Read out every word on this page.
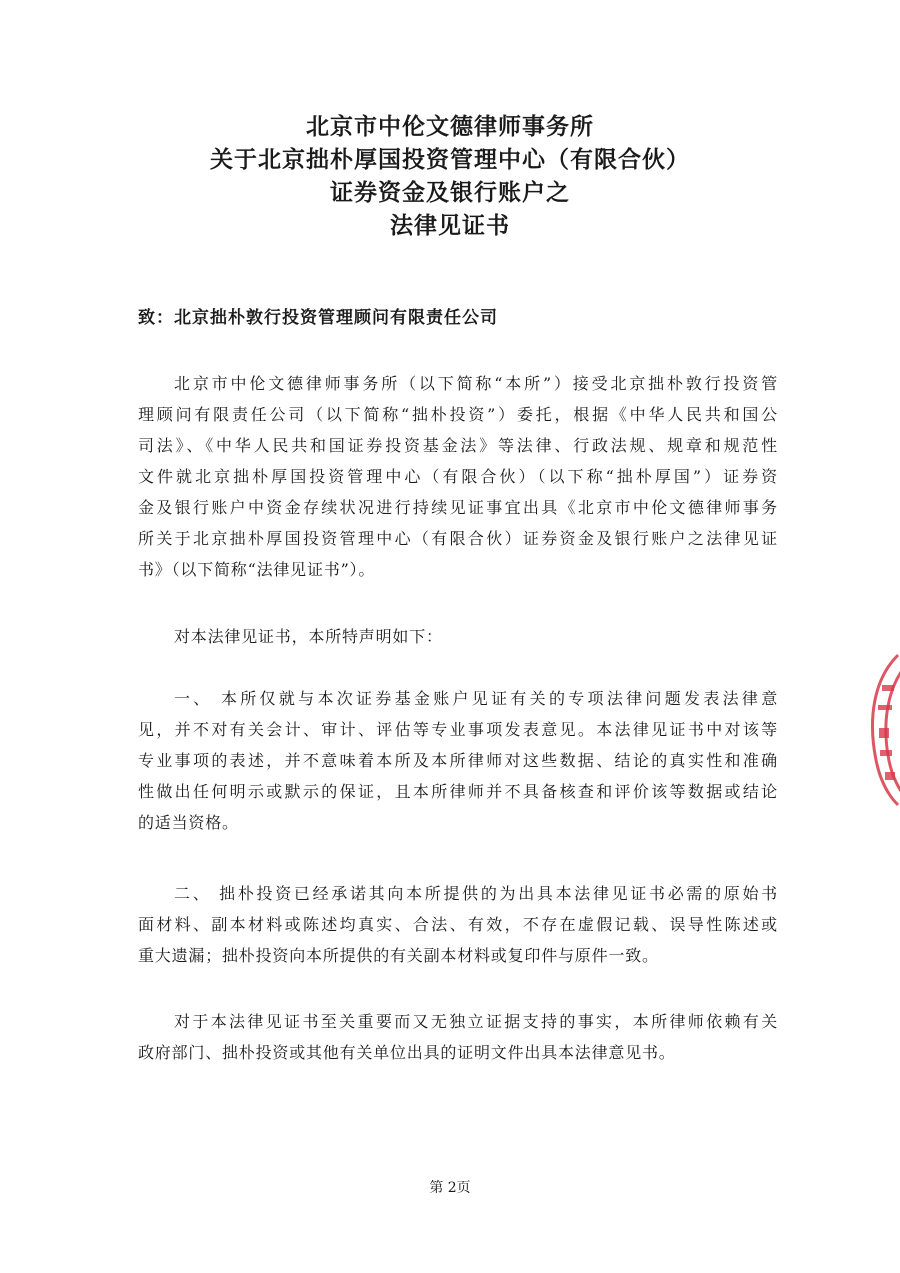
北京市中伦文德律师事务所
关于北京拙朴厚国投资管理中心（有限合伙）
证券资金及银行账户之
法律见证书
致：北京拙朴敦行投资管理顾问有限责任公司
北京市中伦文德律师事务所（以下简称“本所”）接受北京拙朴敦行投资管
理顾问有限责任公司（以下简称“拙朴投资”）委托，根据《中华人民共和国公
司法》、《中华人民共和国证券投资基金法》等法律、行政法规、规章和规范性
文件就北京拙朴厚国投资管理中心（有限合伙）（以下称“拙朴厚国”）证券资
金及银行账户中资金存续状况进行持续见证事宜出具《北京市中伦文德律师事务
所关于北京拙朴厚国投资管理中心（有限合伙）证券资金及银行账户之法律见证
书》（以下简称“法律见证书”）。
对本法律见证书，本所特声明如下：
一、 本所仅就与本次证券基金账户见证有关的专项法律问题发表法律意
见，并不对有关会计、审计、评估等专业事项发表意见。本法律见证书中对该等
专业事项的表述，并不意味着本所及本所律师对这些数据、结论的真实性和准确
性做出任何明示或默示的保证，且本所律师并不具备核查和评价该等数据或结论
的适当资格。
二、 拙朴投资已经承诺其向本所提供的为出具本法律见证书必需的原始书
面材料、副本材料或陈述均真实、合法、有效，不存在虚假记载、误导性陈述或
重大遗漏；拙朴投资向本所提供的有关副本材料或复印件与原件一致。
对于本法律见证书至关重要而又无独立证据支持的事实，本所律师依赖有关
政府部门、拙朴投资或其他有关单位出具的证明文件出具本法律意见书。
第 2页
